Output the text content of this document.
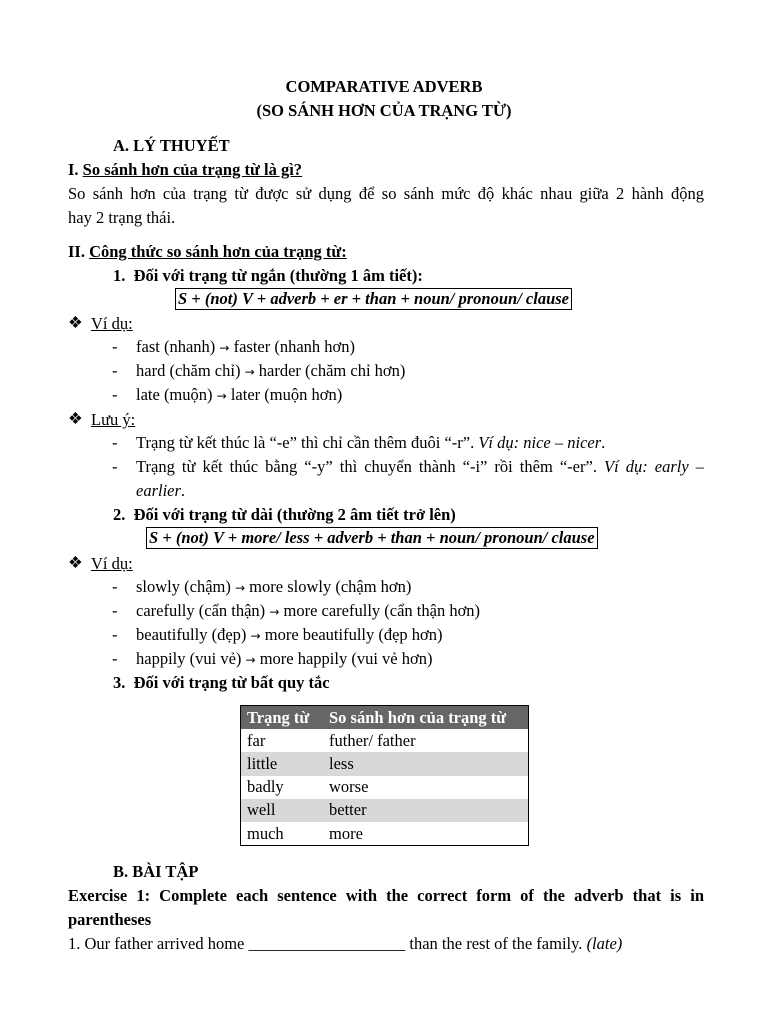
COMPARATIVE ADVERB
(SO SÁNH HƠN CỦA TRẠNG TỪ)
A. LÝ THUYẾT
I. So sánh hơn của trạng từ là gì?
So sánh hơn của trạng từ được sử dụng để so sánh mức độ khác nhau giữa 2 hành động
hay 2 trạng thái.
II. Công thức so sánh hơn của trạng từ:
1. Đối với trạng từ ngắn (thường 1 âm tiết):
S + (not) V + adverb + er + than + noun/ pronoun/ clause
❖ Ví dụ:
- fast (nhanh) → faster (nhanh hơn)
- hard (chăm chỉ) → harder (chăm chỉ hơn)
- late (muộn) → later (muộn hơn)
❖ Lưu ý:
- Trạng từ kết thúc là “-e” thì chỉ cần thêm đuôi “-r”. Ví dụ: nice – nicer.
- Trạng từ kết thúc bằng “-y” thì chuyển thành “-i” rồi thêm “-er”. Ví dụ: early –
earlier.
2. Đối với trạng từ dài (thường 2 âm tiết trở lên)
S + (not) V + more/ less + adverb + than + noun/ pronoun/ clause
❖ Ví dụ:
- slowly (chậm) → more slowly (chậm hơn)
- carefully (cẩn thận) → more carefully (cẩn thận hơn)
- beautifully (đẹp) → more beautifully (đẹp hơn)
- happily (vui vẻ) → more happily (vui vẻ hơn)
3. Đối với trạng từ bất quy tắc
Trạng từ	So sánh hơn của trạng từ
far	futher/ father
little	less
badly	worse
well	better
much	more
B. BÀI TẬP
Exercise 1: Complete each sentence with the correct form of the adverb that is in
parentheses
1. Our father arrived home ___________________ than the rest of the family. (late)
